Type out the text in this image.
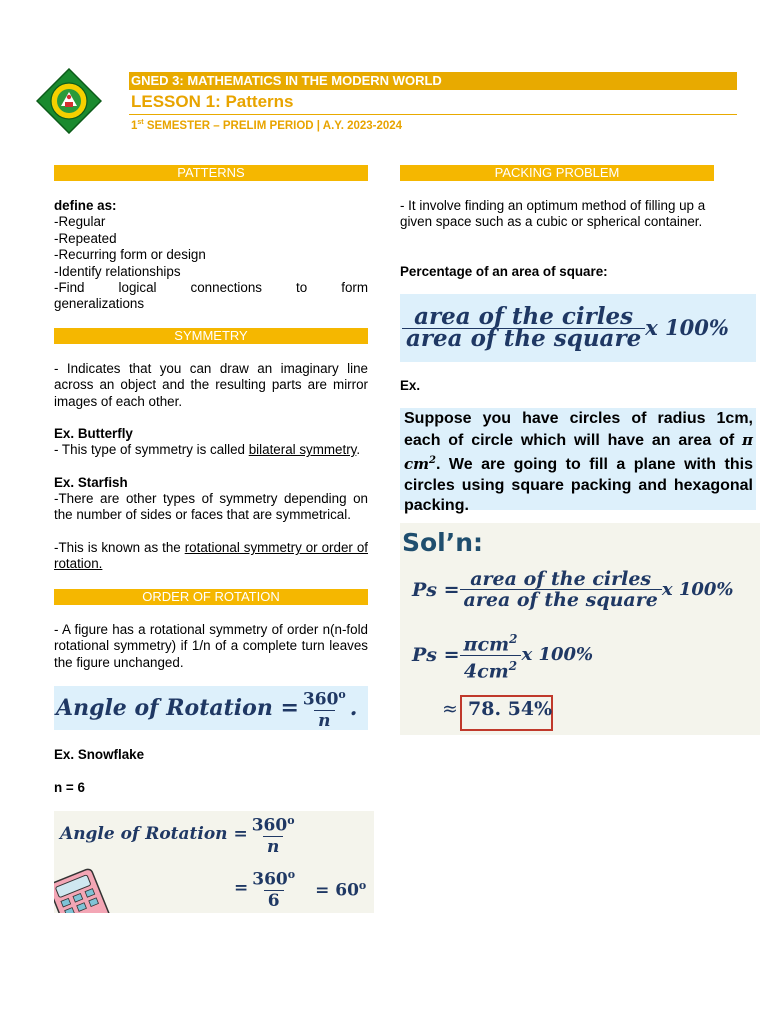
GNED 3: MATHEMATICS IN THE MODERN WORLD
LESSON 1: Patterns
1st SEMESTER – PRELIM PERIOD | A.Y. 2023-2024
PATTERNS
define as:
-Regular
-Repeated
-Recurring form or design
-Identify relationships
-Find logical connections to form
generalizations
SYMMETRY
- Indicates that you can draw an imaginary line across an object and the resulting parts are mirror images of each other.
Ex. Butterfly
- This type of symmetry is called bilateral symmetry.
Ex. Starfish
-There are other types of symmetry depending on the number of sides or faces that are symmetrical.
-This is known as the rotational symmetry or order of rotation.
ORDER OF ROTATION
- A figure has a rotational symmetry of order n(n-fold rotational symmetry) if 1/n of a complete turn leaves the figure unchanged.
Angle of Rotation = $\frac{360^o}{n}$ .
Ex. Snowflake
n = 6
Angle of Rotation = $\frac{360^o}{n}$
= $\frac{360^o}{6} = 60^o$
PACKING PROBLEM
- It involve finding an optimum method of filling up a given space such as a cubic or spherical container.
Percentage of an area of square:
$\frac{\text{area of the cirles}}{\text{area of the square}}$ x 100%
Ex.
Suppose you have circles of radius 1cm, each of circle which will have an area of π $cm^2$. We are going to fill a plane with this circles using square packing and hexagonal packing.
Sol’n:
$Ps = \frac{\text{area of the cirles}}{\text{area of the square}}$ x 100%
$Ps = \frac{\pi cm^2}{4cm^2}$ x 100%
≈ 78. 54%
